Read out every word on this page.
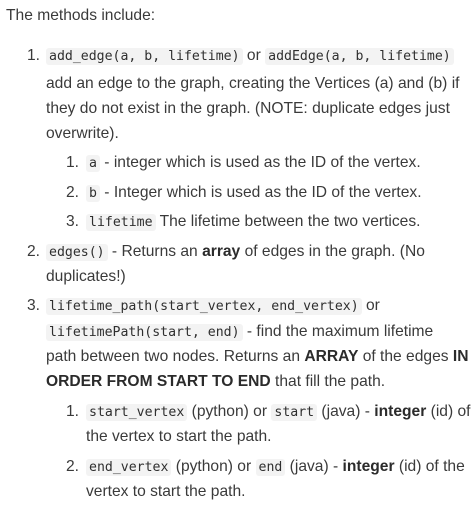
The methods include:
1. add_edge(a, b, lifetime) or addEdge(a, b, lifetime)
add an edge to the graph, creating the Vertices (a) and (b) if
they do not exist in the graph. (NOTE: duplicate edges just
overwrite).
1. a - integer which is used as the ID of the vertex.
2. b - Integer which is used as the ID of the vertex.
3. lifetime The lifetime between the two vertices.
2. edges() - Returns an array of edges in the graph. (No
duplicates!)
3. lifetime_path(start_vertex, end_vertex) or
lifetimePath(start, end) - find the maximum lifetime
path between two nodes. Returns an ARRAY of the edges IN
ORDER FROM START TO END that fill the path.
1. start_vertex (python) or start (java) - integer (id) of
the vertex to start the path.
2. end_vertex (python) or end (java) - integer (id) of the
vertex to start the path.
